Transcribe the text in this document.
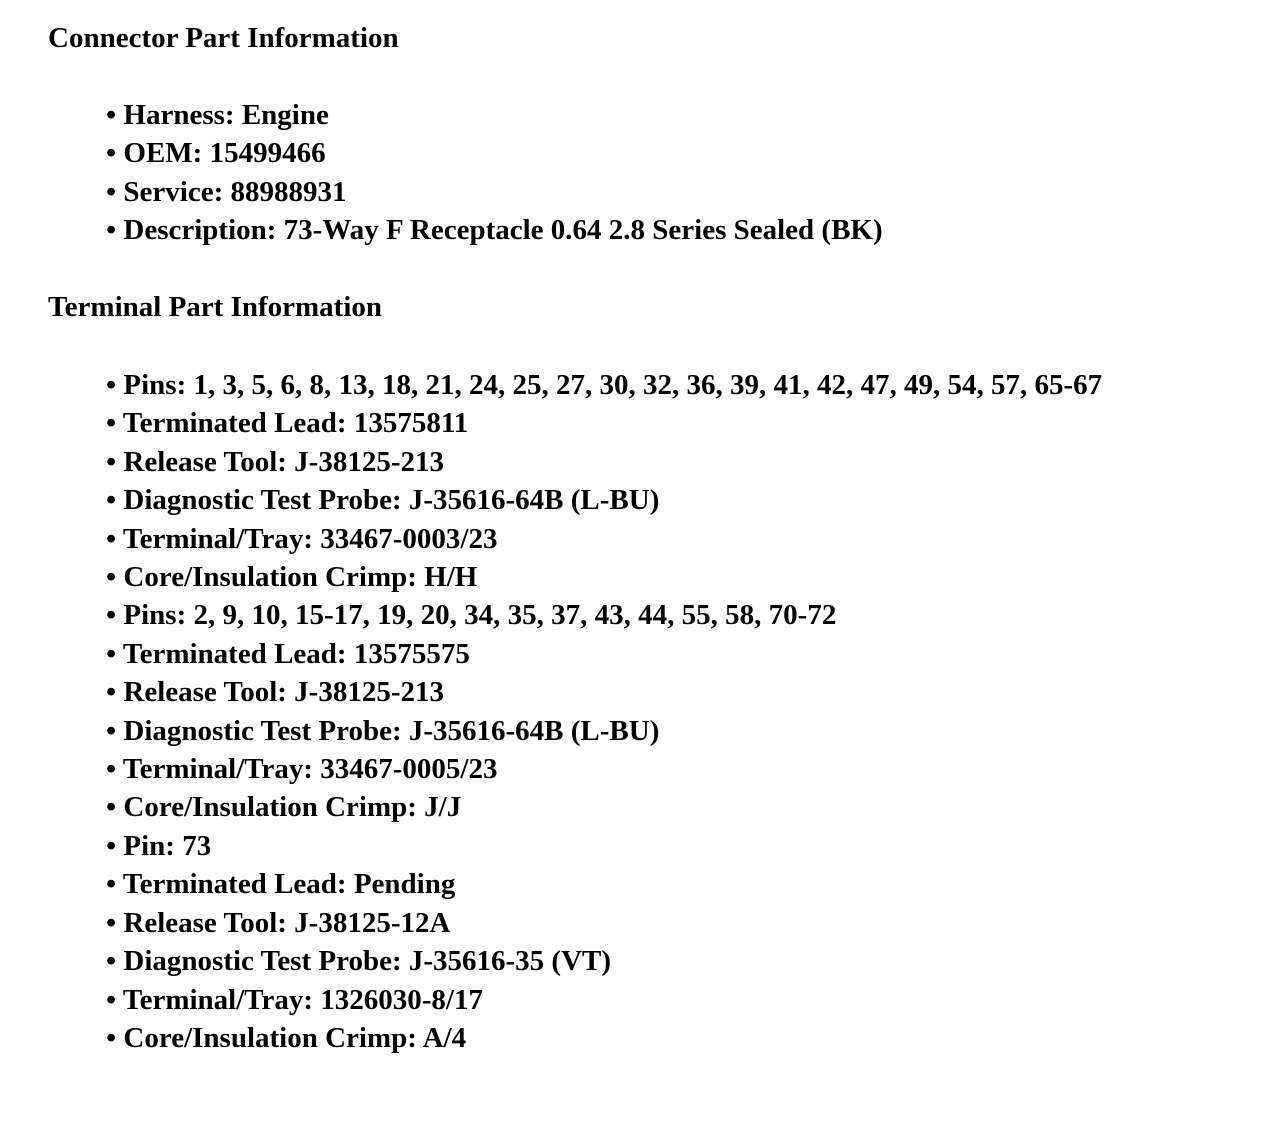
Connector Part Information
• Harness: Engine
• OEM: 15499466
• Service: 88988931
• Description: 73-Way F Receptacle 0.64 2.8 Series Sealed (BK)
Terminal Part Information
• Pins: 1, 3, 5, 6, 8, 13, 18, 21, 24, 25, 27, 30, 32, 36, 39, 41, 42, 47, 49, 54, 57, 65-67
• Terminated Lead: 13575811
• Release Tool: J-38125-213
• Diagnostic Test Probe: J-35616-64B (L-BU)
• Terminal/Tray: 33467-0003/23
• Core/Insulation Crimp: H/H
• Pins: 2, 9, 10, 15-17, 19, 20, 34, 35, 37, 43, 44, 55, 58, 70-72
• Terminated Lead: 13575575
• Release Tool: J-38125-213
• Diagnostic Test Probe: J-35616-64B (L-BU)
• Terminal/Tray: 33467-0005/23
• Core/Insulation Crimp: J/J
• Pin: 73
• Terminated Lead: Pending
• Release Tool: J-38125-12A
• Diagnostic Test Probe: J-35616-35 (VT)
• Terminal/Tray: 1326030-8/17
• Core/Insulation Crimp: A/4
